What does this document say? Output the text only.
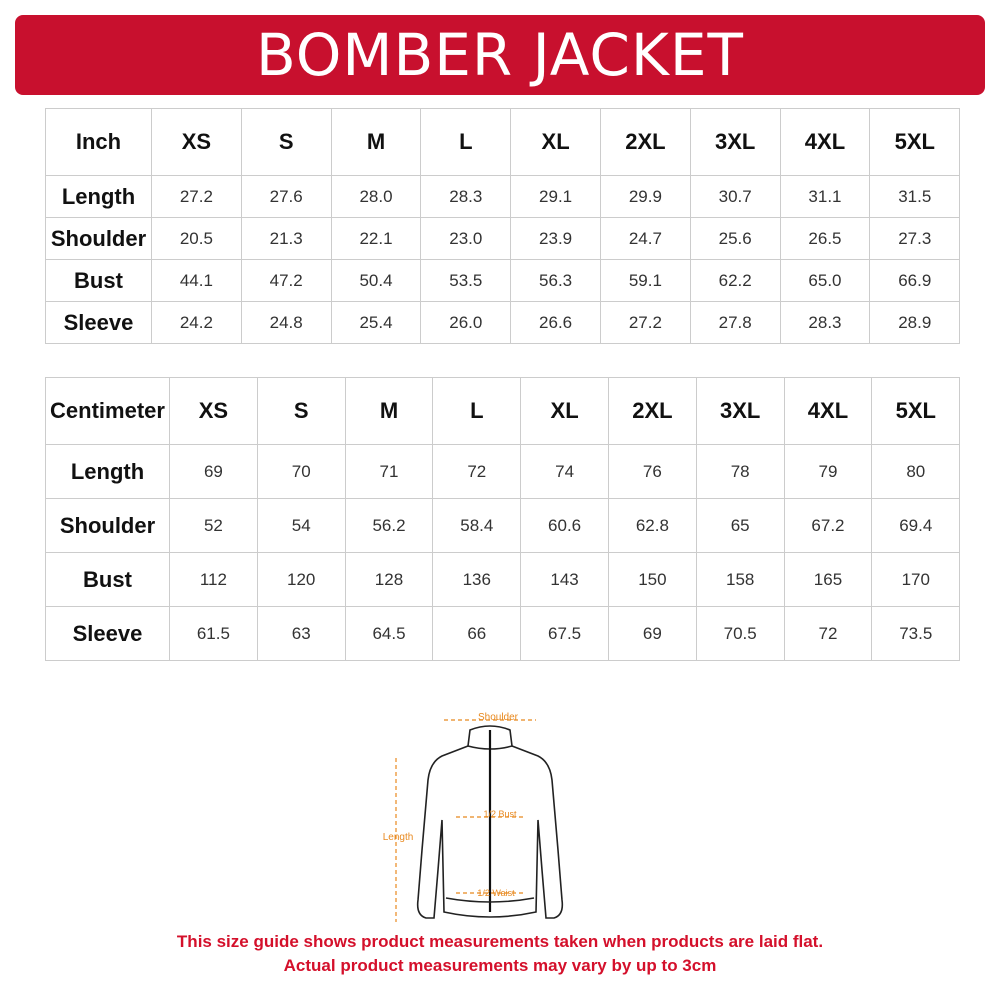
BOMBER JACKET
Inch	XS	S	M	L	XL	2XL	3XL	4XL	5XL
Length	27.2	27.6	28.0	28.3	29.1	29.9	30.7	31.1	31.5
Shoulder	20.5	21.3	22.1	23.0	23.9	24.7	25.6	26.5	27.3
Bust	44.1	47.2	50.4	53.5	56.3	59.1	62.2	65.0	66.9
Sleeve	24.2	24.8	25.4	26.0	26.6	27.2	27.8	28.3	28.9
Centimeter	XS	S	M	L	XL	2XL	3XL	4XL	5XL
Length	69	70	71	72	74	76	78	79	80
Shoulder	52	54	56.2	58.4	60.6	62.8	65	67.2	69.4
Bust	112	120	128	136	143	150	158	165	170
Sleeve	61.5	63	64.5	66	67.5	69	70.5	72	73.5
Shoulder
Length
1/2 Bust
1/2 Waist
This size guide shows product measurements taken when products are laid flat.
Actual product measurements may vary by up to 3cm
